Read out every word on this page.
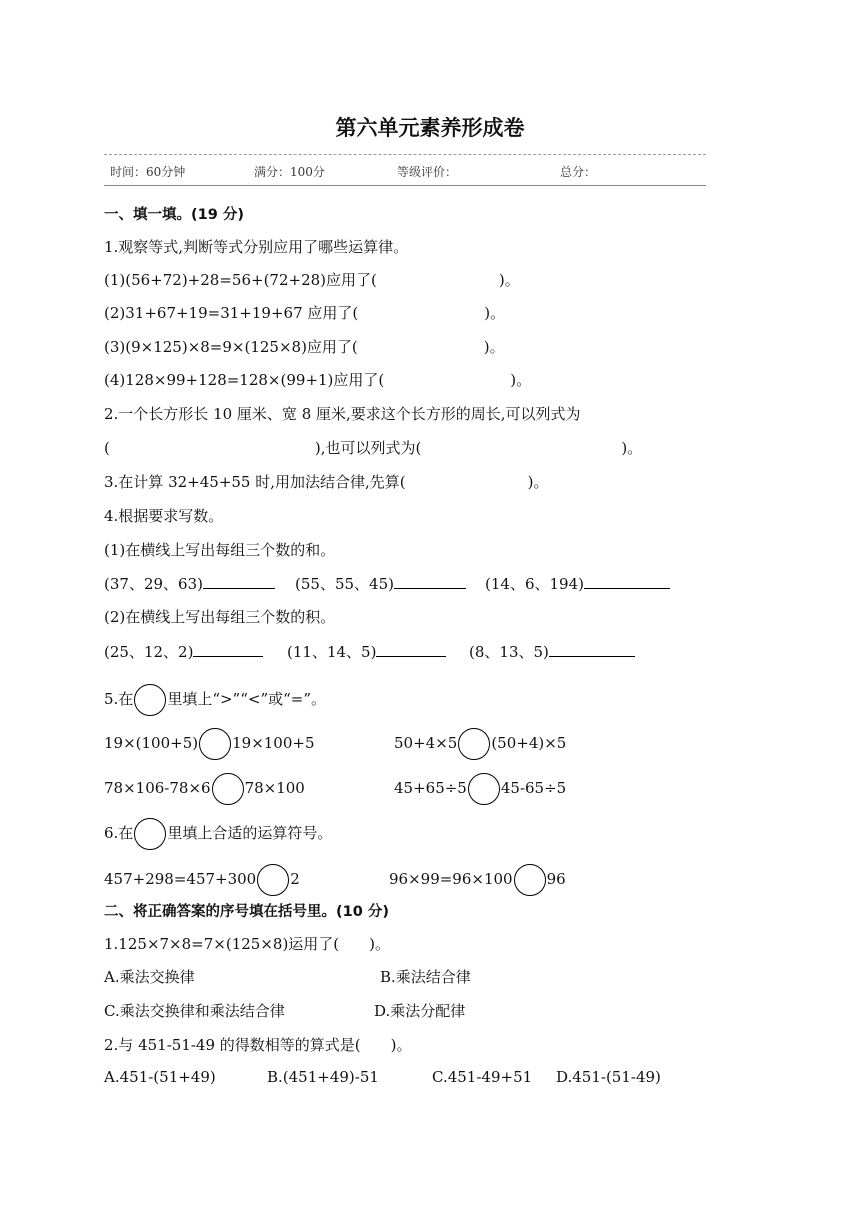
第六单元素养形成卷
时间：60分钟	满分：100分	等级评价：	总分：
一、填一填。(19 分)
1.观察等式,判断等式分别应用了哪些运算律。
(1)(56+72)+28=56+(72+28)应用了(	)。
(2)31+67+19=31+19+67 应用了(	)。
(3)(9×125)×8=9×(125×8)应用了(	)。
(4)128×99+128=128×(99+1)应用了(	)。
2.一个长方形长 10 厘米、宽 8 厘米,要求这个长方形的周长,可以列式为
(	),也可以列式为(	)。
3.在计算 32+45+55 时,用加法结合律,先算(	)。
4.根据要求写数。
(1)在横线上写出每组三个数的和。
(37、29、63)	(55、55、45)	(14、6、194)
(2)在横线上写出每组三个数的积。
(25、12、2)	(11、14、5)	(8、13、5)
5.在 里填上“>”“<”或“=”。
19×(100+5) 19×100+5	50+4×5 (50+4)×5
78×106-78×6 78×100	45+65÷5 45-65÷5
6.在 里填上合适的运算符号。
457+298=457+300 2	96×99=96×100 96
二、将正确答案的序号填在括号里。(10 分)
1.125×7×8=7×(125×8)运用了(　　)。
A.乘法交换律	B.乘法结合律
C.乘法交换律和乘法结合律	D.乘法分配律
2.与 451-51-49 的得数相等的算式是(　　)。
A.451-(51+49)	B.(451+49)-51	C.451-49+51 D.451-(51-49)
